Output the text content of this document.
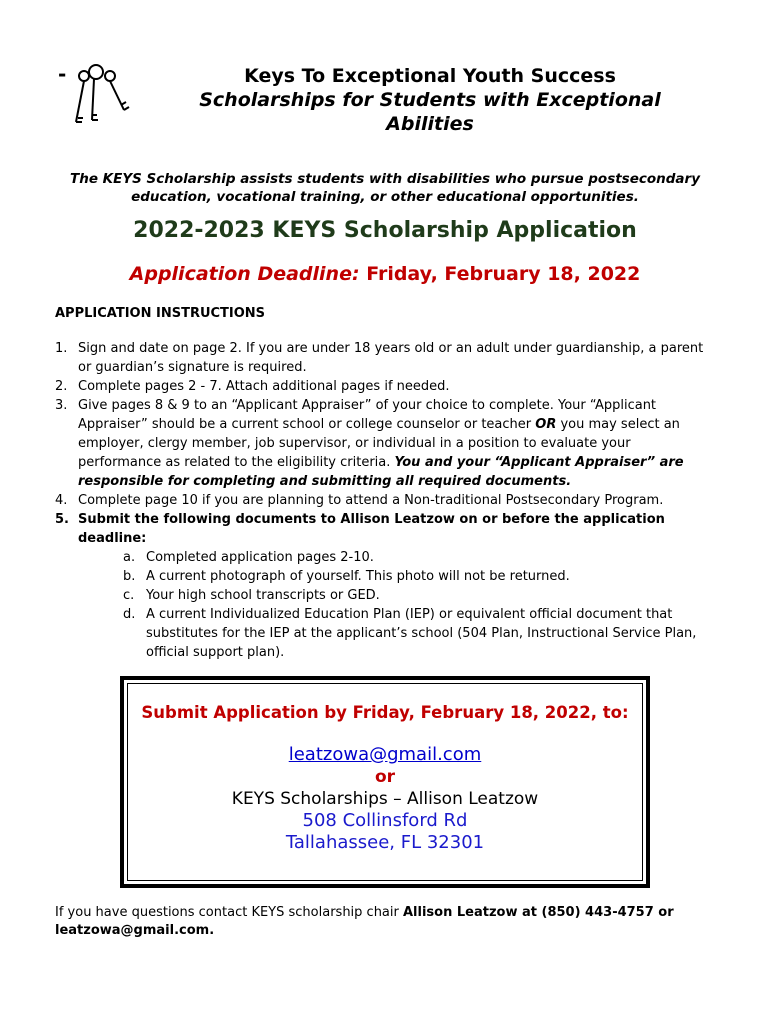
-	Keys To Exceptional Youth Success
Scholarships for Students with Exceptional Abilities
The KEYS Scholarship assists students with disabilities who pursue postsecondary education, vocational training, or other educational opportunities.
2022-2023 KEYS Scholarship Application
Application Deadline: Friday, February 18, 2022
APPLICATION INSTRUCTIONS
1. Sign and date on page 2. If you are under 18 years old or an adult under guardianship, a parent or guardian’s signature is required.
2. Complete pages 2 - 7. Attach additional pages if needed.
3. Give pages 8 & 9 to an “Applicant Appraiser” of your choice to complete. Your “Applicant Appraiser” should be a current school or college counselor or teacher OR you may select an employer, clergy member, job supervisor, or individual in a position to evaluate your performance as related to the eligibility criteria. You and your “Applicant Appraiser” are responsible for completing and submitting all required documents.
4. Complete page 10 if you are planning to attend a Non-traditional Postsecondary Program.
5. Submit the following documents to Allison Leatzow on or before the application deadline:
a. Completed application pages 2-10.
b. A current photograph of yourself. This photo will not be returned.
c. Your high school transcripts or GED.
d. A current Individualized Education Plan (IEP) or equivalent official document that substitutes for the IEP at the applicant’s school (504 Plan, Instructional Service Plan, official support plan).
Submit Application by Friday, February 18, 2022, to:
leatzowa@gmail.com
or
KEYS Scholarships – Allison Leatzow
508 Collinsford Rd
Tallahassee, FL 32301
If you have questions contact KEYS scholarship chair Allison Leatzow at (850) 443-4757 or leatzowa@gmail.com.
